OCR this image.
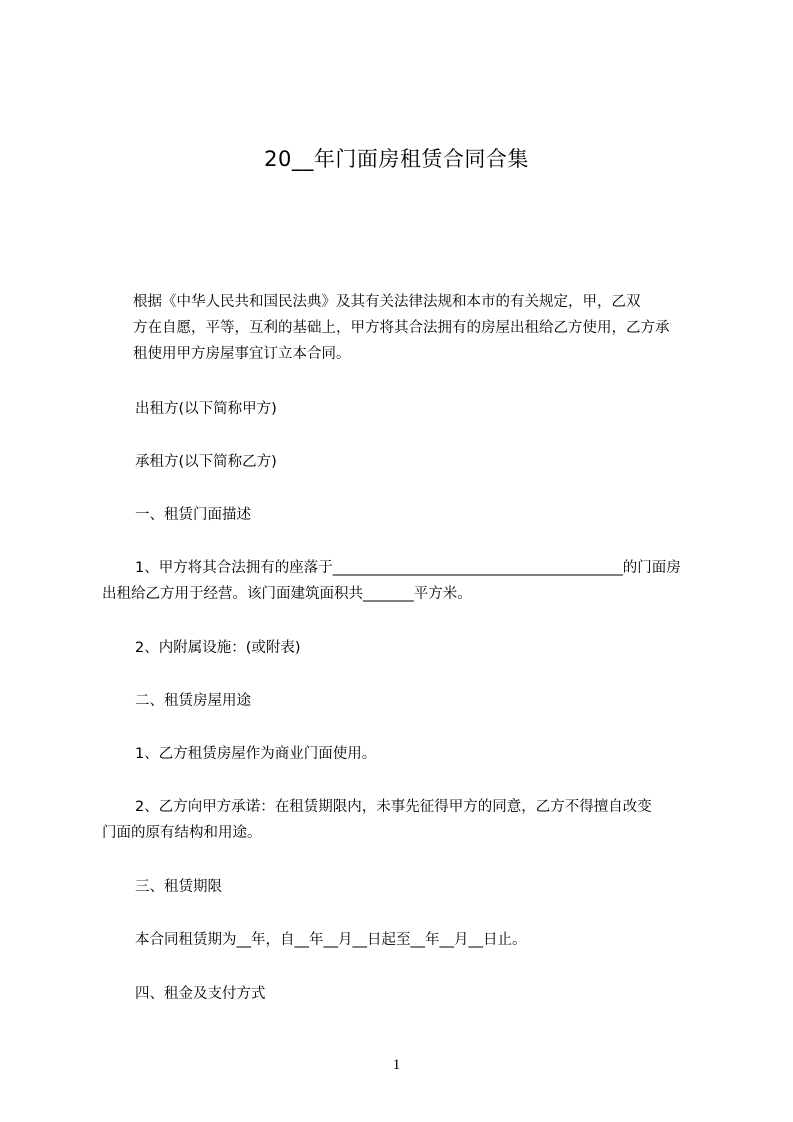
20__年门面房租赁合同合集
根据《中华人民共和国民法典》及其有关法律法规和本市的有关规定，甲，乙双
方在自愿，平等，互利的基础上，甲方将其合法拥有的房屋出租给乙方使用，乙方承
租使用甲方房屋事宜订立本合同。
出租方(以下简称甲方)
承租方(以下简称乙方)
一、租赁门面描述
1、甲方将其合法拥有的座落于________________________________________的门面房
出租给乙方用于经营。该门面建筑面积共_______平方米。
2、内附属设施：(或附表)
二、租赁房屋用途
1、乙方租赁房屋作为商业门面使用。
2、乙方向甲方承诺：在租赁期限内，未事先征得甲方的同意，乙方不得擅自改变
门面的原有结构和用途。
三、租赁期限
本合同租赁期为__年，自__年__月__日起至__年__月__日止。
四、租金及支付方式
1
